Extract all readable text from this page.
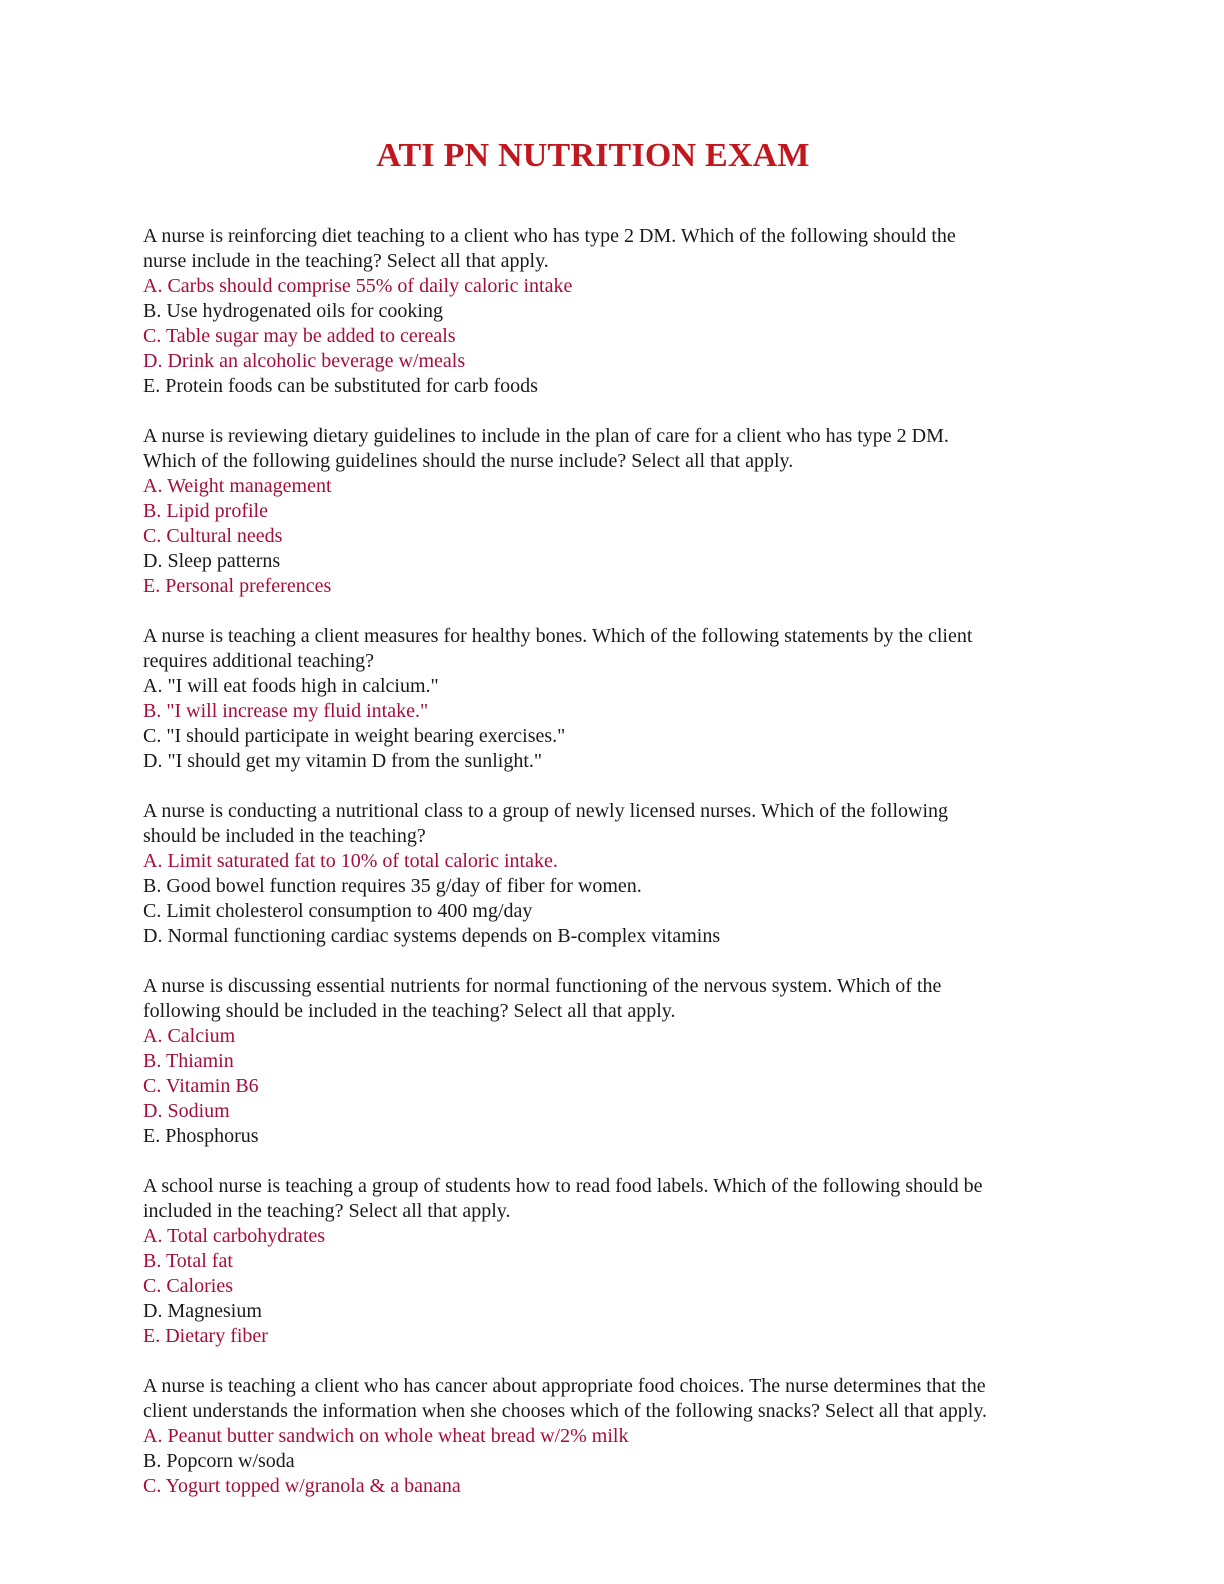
ATI PN NUTRITION EXAM
A nurse is reinforcing diet teaching to a client who has type 2 DM. Which of the following should the
nurse include in the teaching? Select all that apply.
A. Carbs should comprise 55% of daily caloric intake
B. Use hydrogenated oils for cooking
C. Table sugar may be added to cereals
D. Drink an alcoholic beverage w/meals
E. Protein foods can be substituted for carb foods
A nurse is reviewing dietary guidelines to include in the plan of care for a client who has type 2 DM.
Which of the following guidelines should the nurse include? Select all that apply.
A. Weight management
B. Lipid profile
C. Cultural needs
D. Sleep patterns
E. Personal preferences
A nurse is teaching a client measures for healthy bones. Which of the following statements by the client
requires additional teaching?
A. "I will eat foods high in calcium."
B. "I will increase my fluid intake."
C. "I should participate in weight bearing exercises."
D. "I should get my vitamin D from the sunlight."
A nurse is conducting a nutritional class to a group of newly licensed nurses. Which of the following
should be included in the teaching?
A. Limit saturated fat to 10% of total caloric intake.
B. Good bowel function requires 35 g/day of fiber for women.
C. Limit cholesterol consumption to 400 mg/day
D. Normal functioning cardiac systems depends on B-complex vitamins
A nurse is discussing essential nutrients for normal functioning of the nervous system. Which of the
following should be included in the teaching? Select all that apply.
A. Calcium
B. Thiamin
C. Vitamin B6
D. Sodium
E. Phosphorus
A school nurse is teaching a group of students how to read food labels. Which of the following should be
included in the teaching? Select all that apply.
A. Total carbohydrates
B. Total fat
C. Calories
D. Magnesium
E. Dietary fiber
A nurse is teaching a client who has cancer about appropriate food choices. The nurse determines that the
client understands the information when she chooses which of the following snacks? Select all that apply.
A. Peanut butter sandwich on whole wheat bread w/2% milk
B. Popcorn w/soda
C. Yogurt topped w/granola & a banana
